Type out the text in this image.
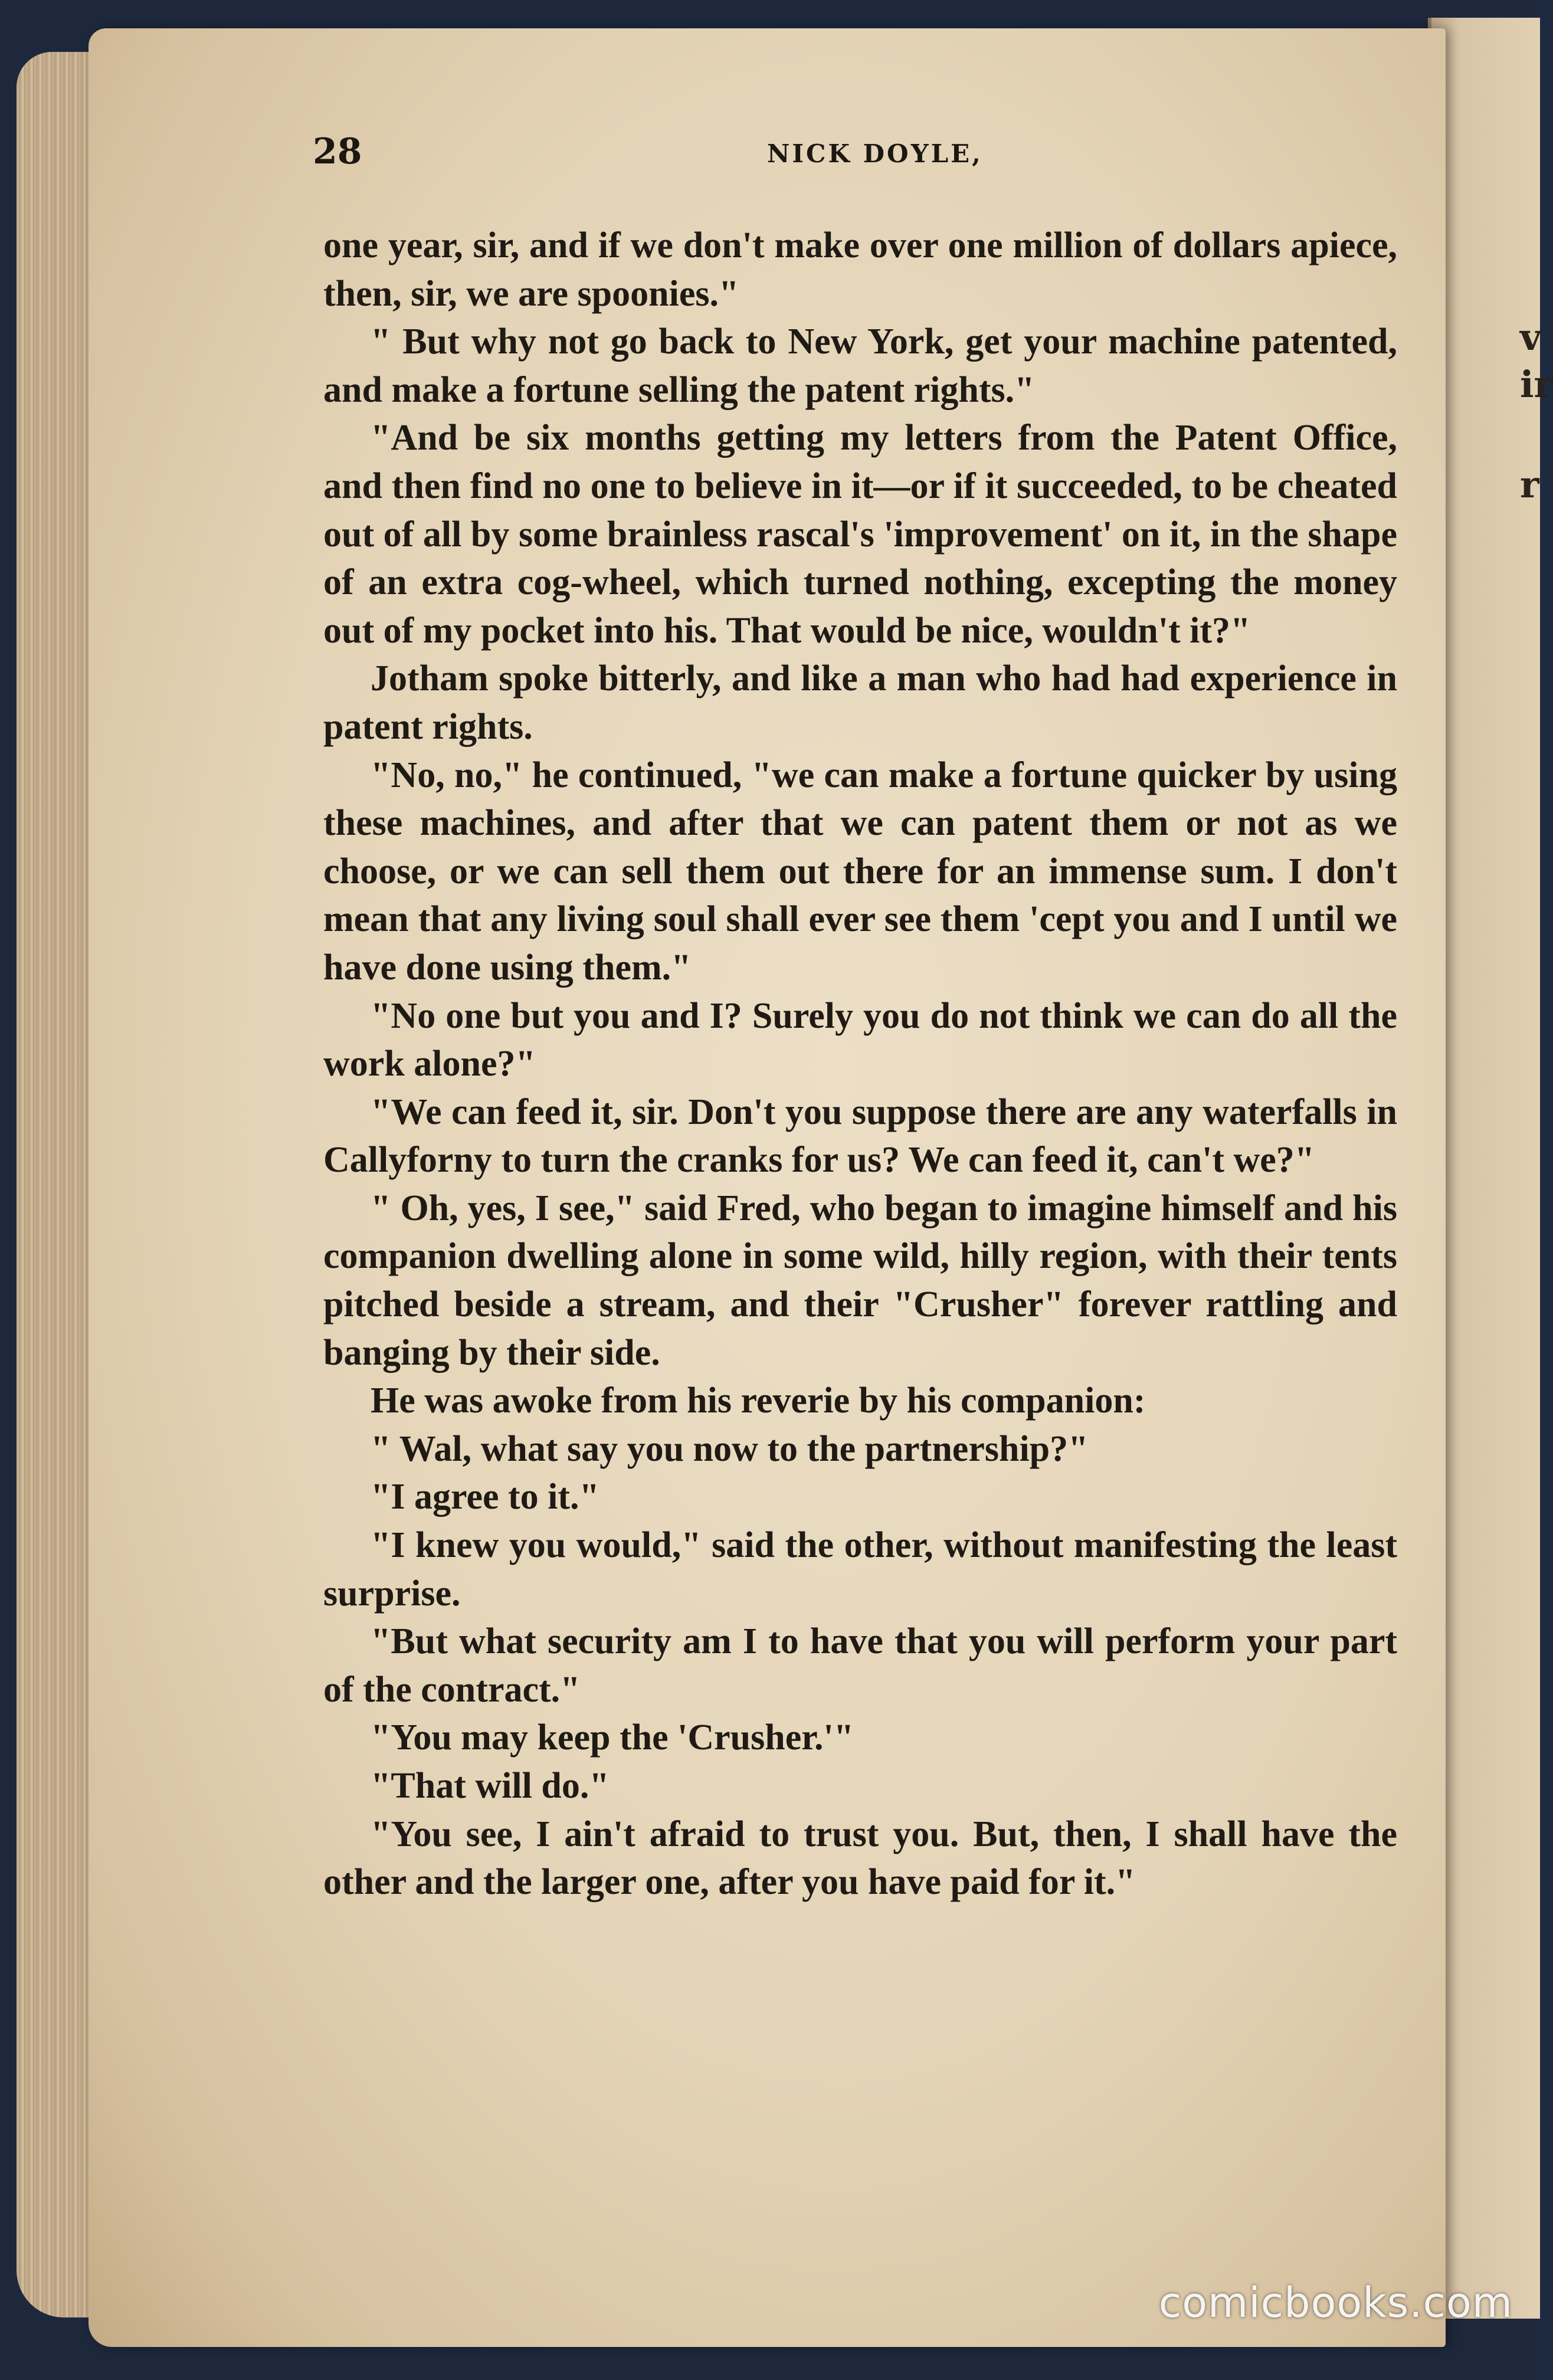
v
ir
r
28	NICK DOYLE,

one year, sir, and if we don't make over one million of dollars apiece, then, sir, we are spoonies."

" But why not go back to New York, get your machine patented, and make a fortune selling the patent rights."

"And be six months getting my letters from the Patent Office, and then find no one to believe in it—or if it succeeded, to be cheated out of all by some brainless rascal's 'improvement' on it, in the shape of an extra cog-wheel, which turned nothing, excepting the money out of my pocket into his. That would be nice, wouldn't it?"

Jotham spoke bitterly, and like a man who had had experience in patent rights.

"No, no," he continued, "we can make a fortune quicker by using these machines, and after that we can patent them or not as we choose, or we can sell them out there for an immense sum. I don't mean that any living soul shall ever see them 'cept you and I until we have done using them."

"No one but you and I? Surely you do not think we can do all the work alone?"

"We can feed it, sir. Don't you suppose there are any waterfalls in Callyforny to turn the cranks for us? We can feed it, can't we?"

" Oh, yes, I see," said Fred, who began to imagine himself and his companion dwelling alone in some wild, hilly region, with their tents pitched beside a stream, and their "Crusher" forever rattling and banging by their side.

He was awoke from his reverie by his companion:

" Wal, what say you now to the partnership?"

"I agree to it."

"I knew you would," said the other, without manifesting the least surprise.

"But what security am I to have that you will perform your part of the contract."

"You may keep the 'Crusher.'"

"That will do."

"You see, I ain't afraid to trust you. But, then, I shall have the other and the larger one, after you have paid for it."

comicbooks.com
